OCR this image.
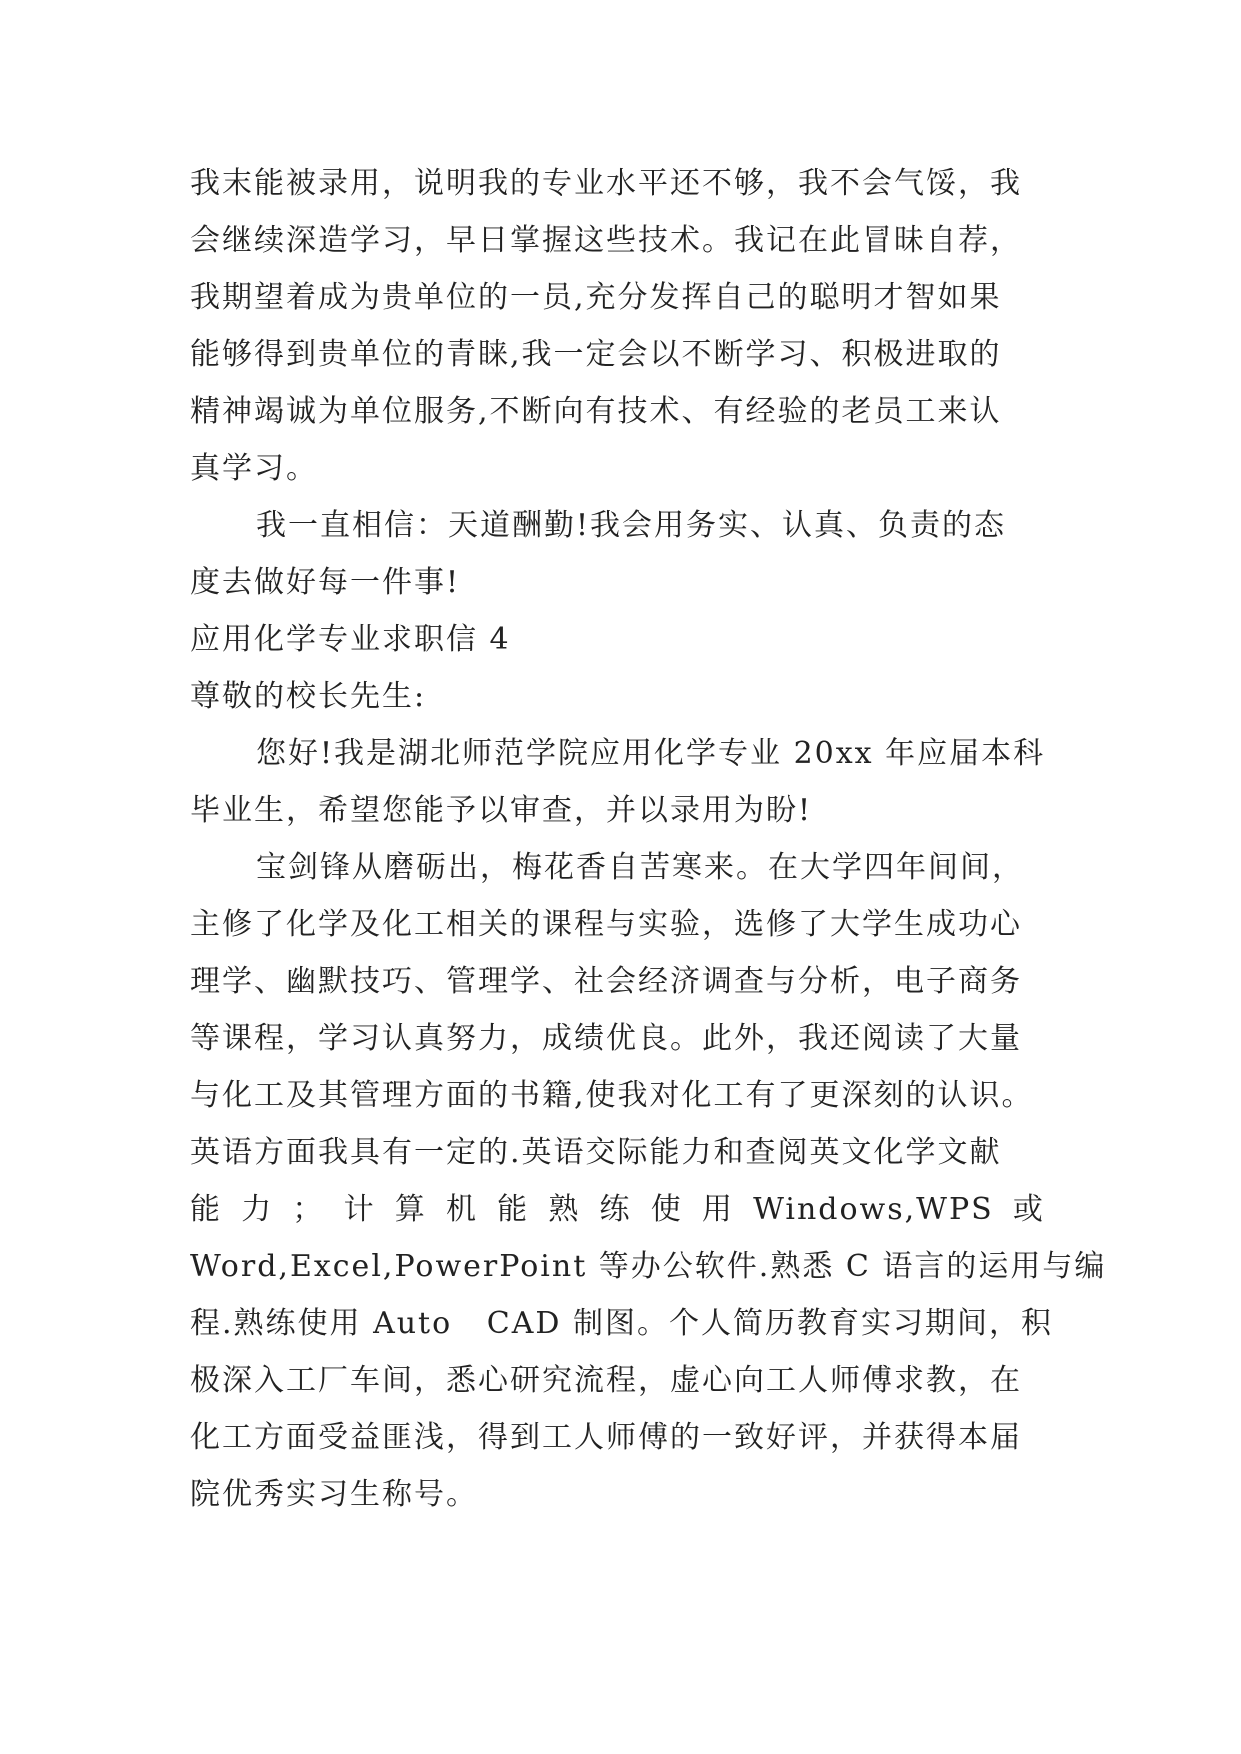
我末能被录用，说明我的专业水平还不够，我不会气馁，我
会继续深造学习，早日掌握这些技术。我记在此冒昧自荐，
我期望着成为贵单位的一员,充分发挥自己的聪明才智如果
能够得到贵单位的青睐,我一定会以不断学习、积极进取的
精神竭诚为单位服务,不断向有技术、有经验的老员工来认
真学习。
我一直相信：天道酬勤!我会用务实、认真、负责的态
度去做好每一件事!
应用化学专业求职信 4
尊敬的校长先生:
您好!我是湖北师范学院应用化学专业 20xx 年应届本科
毕业生，希望您能予以审查，并以录用为盼!
宝剑锋从磨砺出，梅花香自苦寒来。在大学四年间间，
主修了化学及化工相关的课程与实验，选修了大学生成功心
理学、幽默技巧、管理学、社会经济调查与分析，电子商务
等课程，学习认真努力，成绩优良。此外，我还阅读了大量
与化工及其管理方面的书籍,使我对化工有了更深刻的认识。
英语方面我具有一定的.英语交际能力和查阅英文化学文献
能 力 ； 计 算 机 能 熟 练 使 用 Windows,WPS 或
Word,Excel,PowerPoint 等办公软件.熟悉 C 语言的运用与编
程.熟练使用 Auto   CAD 制图。个人简历教育实习期间，积
极深入工厂车间，悉心研究流程，虚心向工人师傅求教，在
化工方面受益匪浅，得到工人师傅的一致好评，并获得本届
院优秀实习生称号。
